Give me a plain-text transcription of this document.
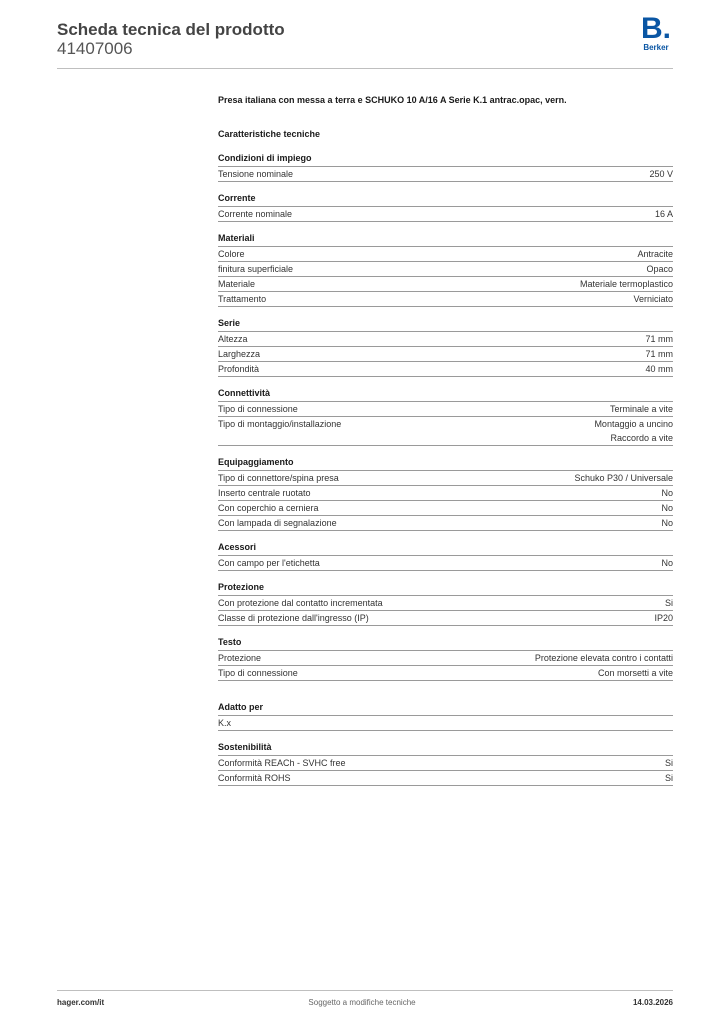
Scheda tecnica del prodotto
41407006
B.
Berker
Presa italiana con messa a terra e SCHUKO 10 A/16 A Serie K.1 antrac.opac, vern.
Caratteristiche tecniche
Condizioni di impiego
Tensione nominale	250 V
Corrente
Corrente nominale	16 A
Materiali
Colore	Antracite
finitura superficiale	Opaco
Materiale	Materiale termoplastico
Trattamento	Verniciato
Serie
Altezza	71 mm
Larghezza	71 mm
Profondità	40 mm
Connettività
Tipo di connessione	Terminale a vite
Tipo di montaggio/installazione	Montaggio a uncino
Raccordo a vite
Equipaggiamento
Tipo di connettore/spina presa	Schuko P30 / Universale
Inserto centrale ruotato	No
Con coperchio a cerniera	No
Con lampada di segnalazione	No
Acessori
Con campo per l'etichetta	No
Protezione
Con protezione dal contatto incrementata	Si
Classe di protezione dall'ingresso (IP)	IP20
Testo
Protezione	Protezione elevata contro i contatti
Tipo di connessione	Con morsetti a vite
Adatto per
K.x
Sostenibilità
Conformità REACh - SVHC free	Si
Conformità ROHS	Si
hager.com/it	Soggetto a modifiche tecniche	14.03.2026
